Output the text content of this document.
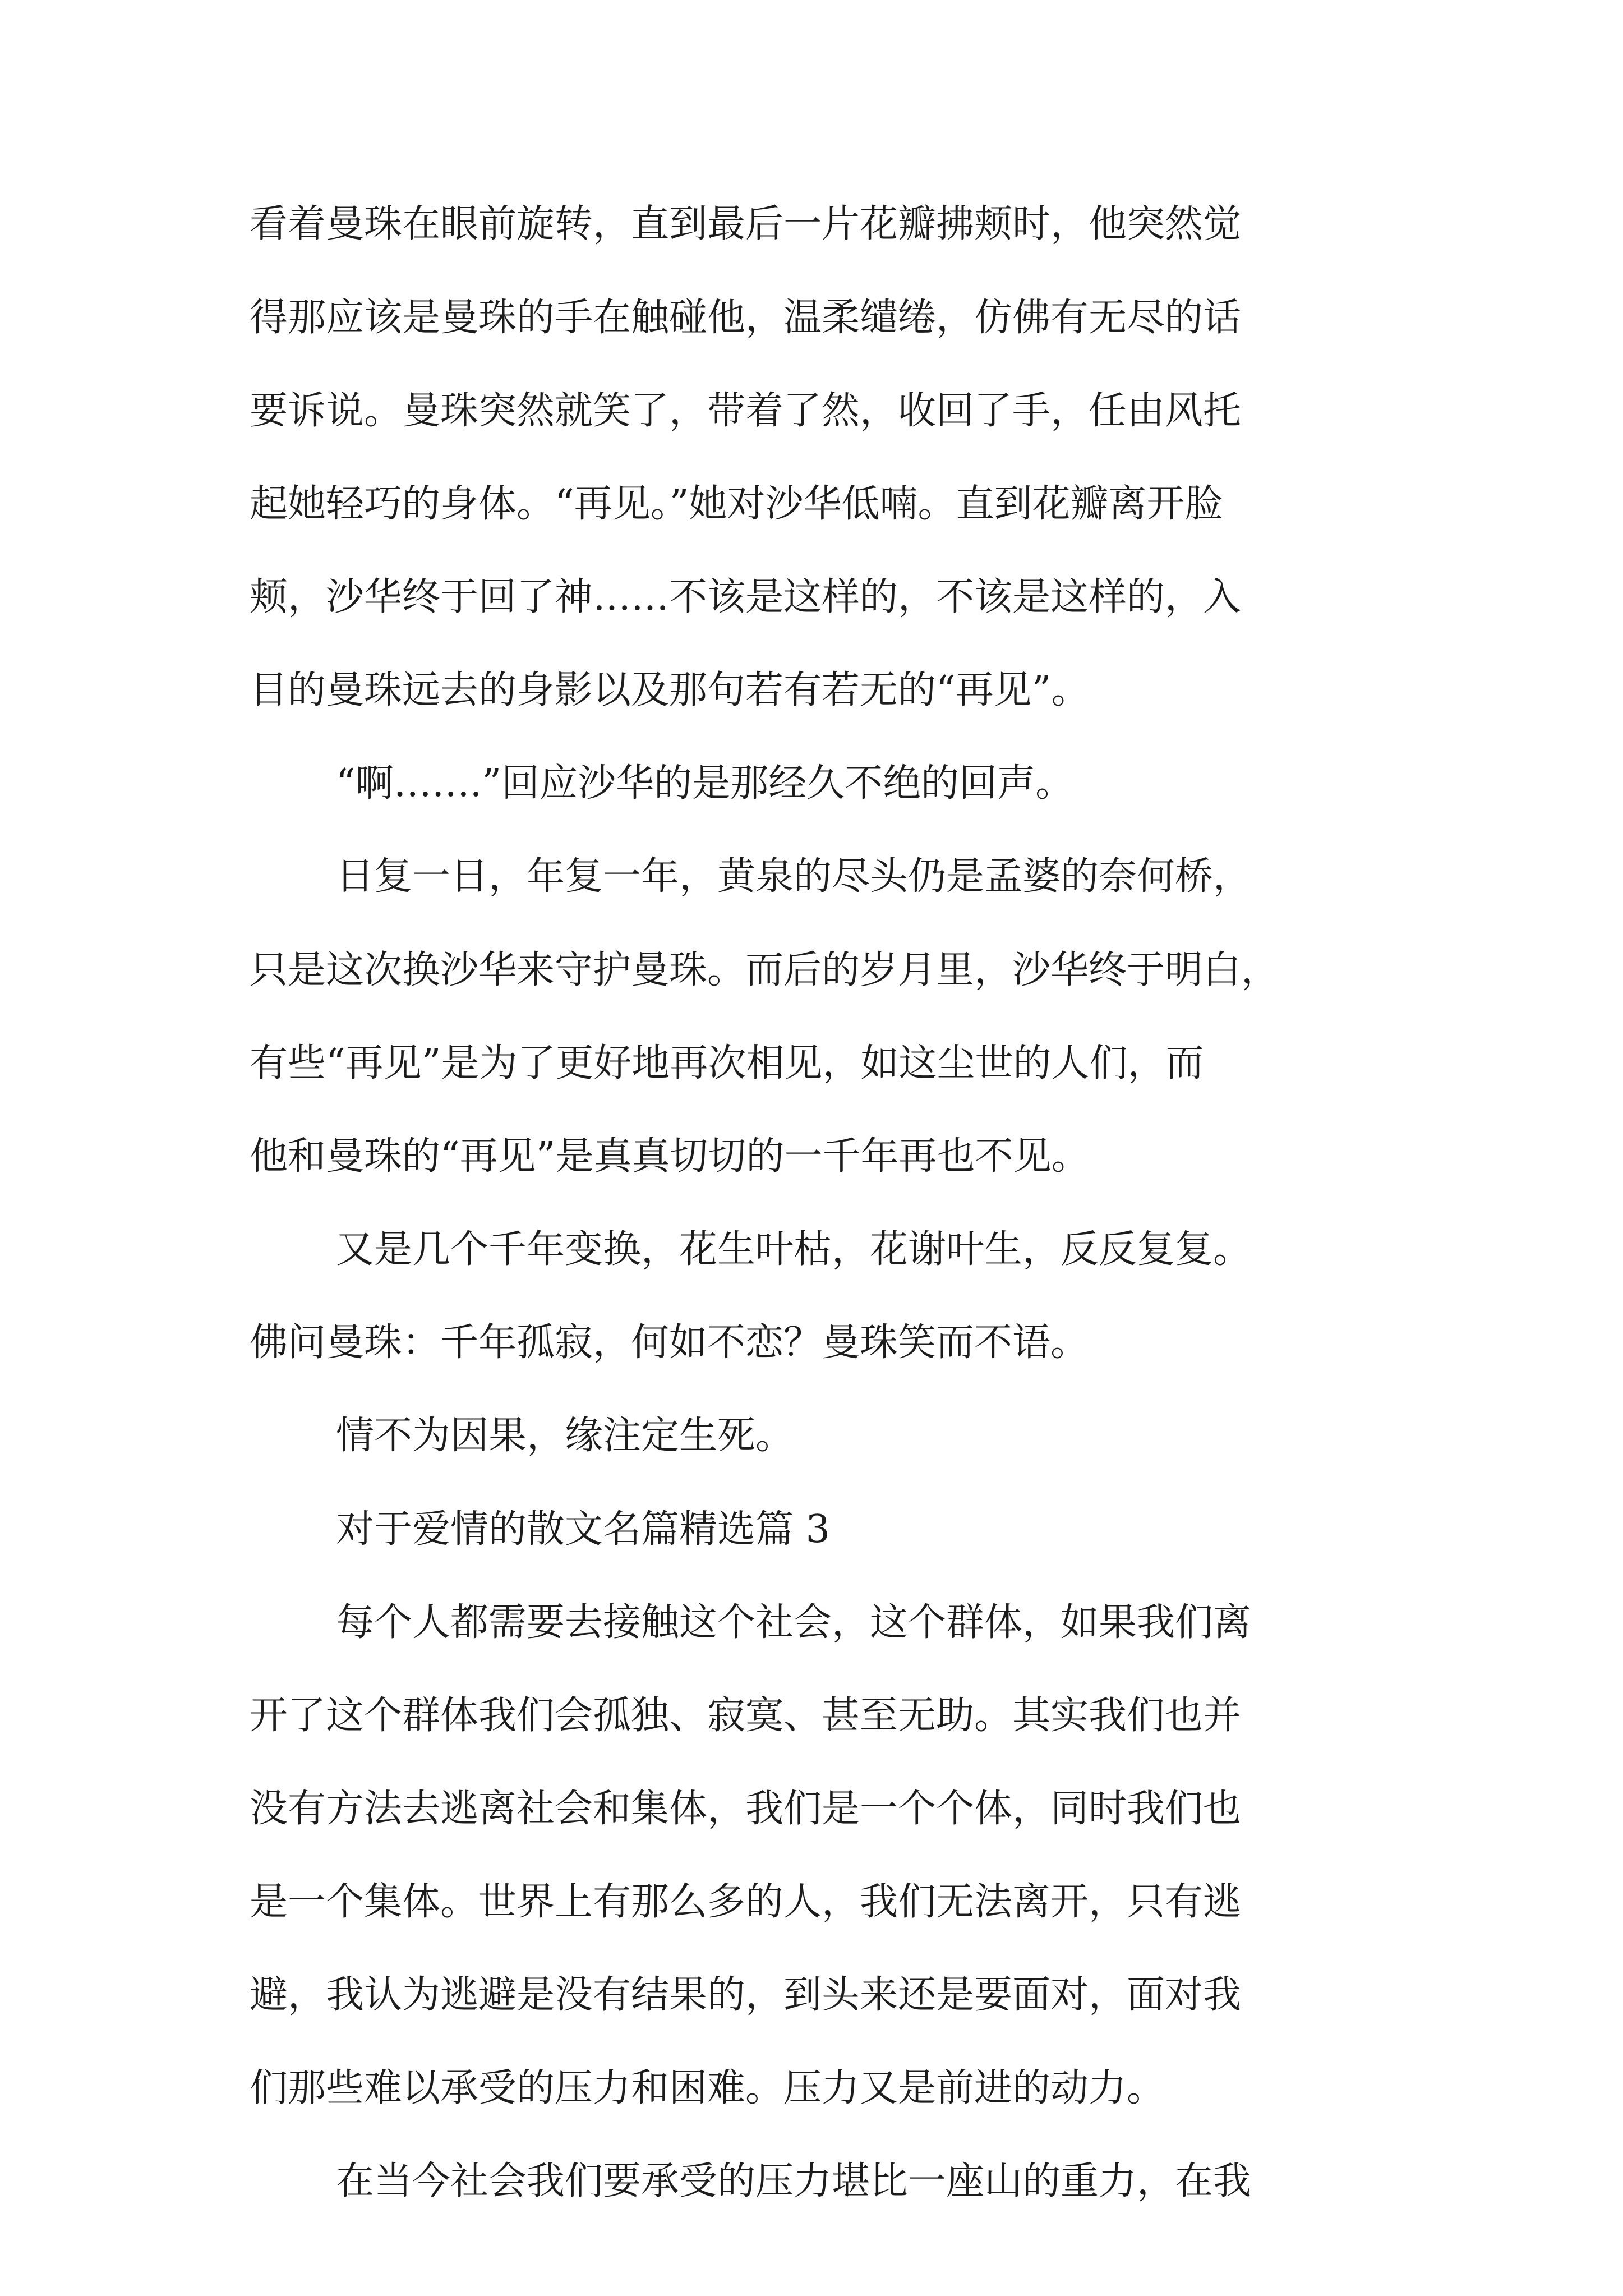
看着曼珠在眼前旋转，直到最后一片花瓣拂颊时，他突然觉

得那应该是曼珠的手在触碰他，温柔缱绻，仿佛有无尽的话

要诉说。曼珠突然就笑了，带着了然，收回了手，任由风托

起她轻巧的身体。“再见。”她对沙华低喃。直到花瓣离开脸

颊，沙华终于回了神……不该是这样的，不该是这样的，入

目的曼珠远去的身影以及那句若有若无的“再见”。

“啊…….”回应沙华的是那经久不绝的回声。

日复一日，年复一年，黄泉的尽头仍是孟婆的奈何桥，

只是这次换沙华来守护曼珠。而后的岁月里，沙华终于明白，

有些“再见”是为了更好地再次相见，如这尘世的人们，而

他和曼珠的“再见”是真真切切的一千年再也不见。

又是几个千年变换，花生叶枯，花谢叶生，反反复复。

佛问曼珠：千年孤寂，何如不恋？曼珠笑而不语。

情不为因果，缘注定生死。

对于爱情的散文名篇精选篇 3

每个人都需要去接触这个社会，这个群体，如果我们离

开了这个群体我们会孤独、寂寞、甚至无助。其实我们也并

没有方法去逃离社会和集体，我们是一个个体，同时我们也

是一个集体。世界上有那么多的人，我们无法离开，只有逃

避，我认为逃避是没有结果的，到头来还是要面对，面对我

们那些难以承受的压力和困难。压力又是前进的动力。

在当今社会我们要承受的压力堪比一座山的重力，在我
